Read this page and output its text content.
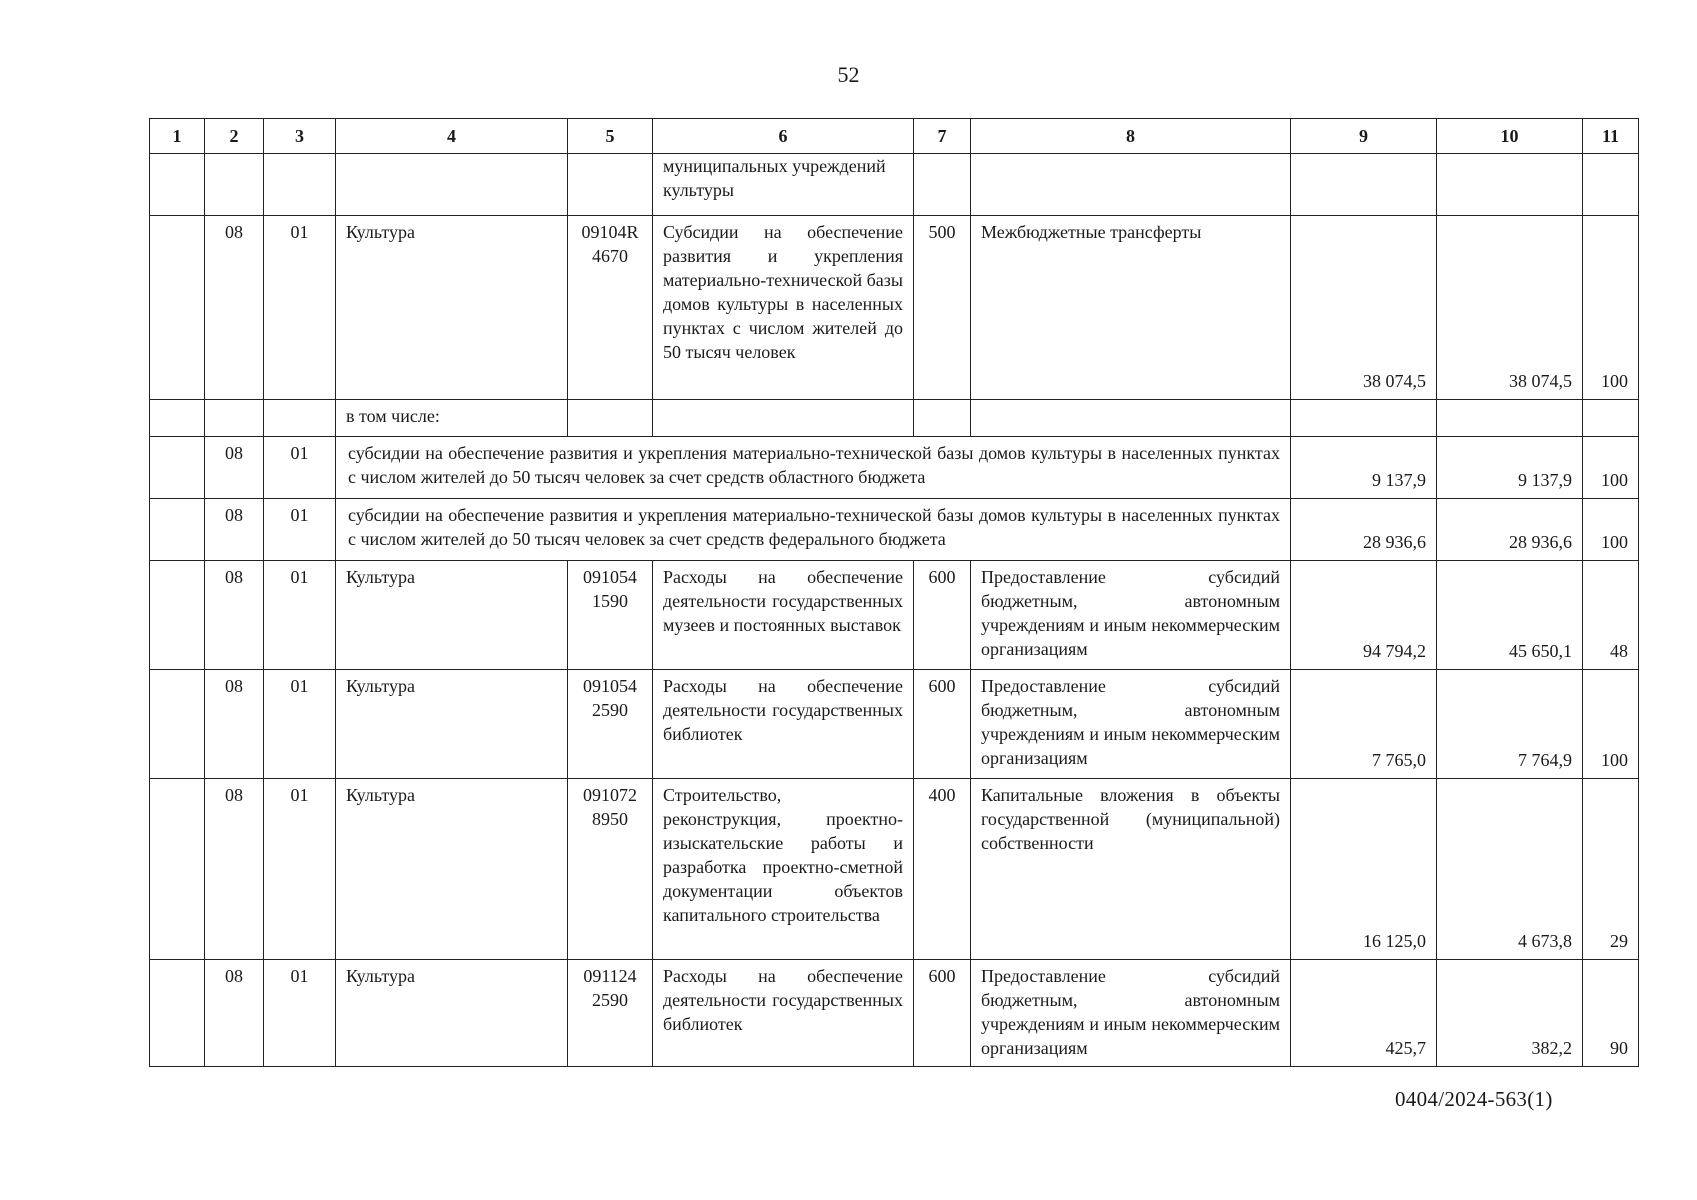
52
1	2	3	4	5	6	7	8	9	10	11
					муниципальных учреждений культуры					
	08	01	Культура	09104R 4670	Субсидии на обеспечение развития и укрепления материально-технической базы домов культуры в населенных пунктах с числом жителей до 50 тысяч человек	500	Межбюджетные трансферты	38 074,5	38 074,5	100
			в том числе:							
	08	01	субсидии на обеспечение развития и укрепления материально-технической базы домов культуры в населенных пунктах с числом жителей до 50 тысяч человек за счет средств областного бюджета					9 137,9	9 137,9	100
	08	01	субсидии на обеспечение развития и укрепления материально-технической базы домов культуры в населенных пунктах с числом жителей до 50 тысяч человек за счет средств федерального бюджета					28 936,6	28 936,6	100
	08	01	Культура	091054 1590	Расходы на обеспечение деятельности государственных музеев и постоянных выставок	600	Предоставление субсидий бюджетным, автономным учреждениям и иным некоммерческим организациям	94 794,2	45 650,1	48
	08	01	Культура	091054 2590	Расходы на обеспечение деятельности государственных библиотек	600	Предоставление субсидий бюджетным, автономным учреждениям и иным некоммерческим организациям	7 765,0	7 764,9	100
	08	01	Культура	091072 8950	Строительство, реконструкция, проектно-изыскательские работы и разработка проектно-сметной документации объектов капитального строительства	400	Капитальные вложения в объекты государственной (муниципальной) собственности	16 125,0	4 673,8	29
	08	01	Культура	091124 2590	Расходы на обеспечение деятельности государственных библиотек	600	Предоставление субсидий бюджетным, автономным учреждениям и иным некоммерческим организациям	425,7	382,2	90
0404/2024-563(1)
